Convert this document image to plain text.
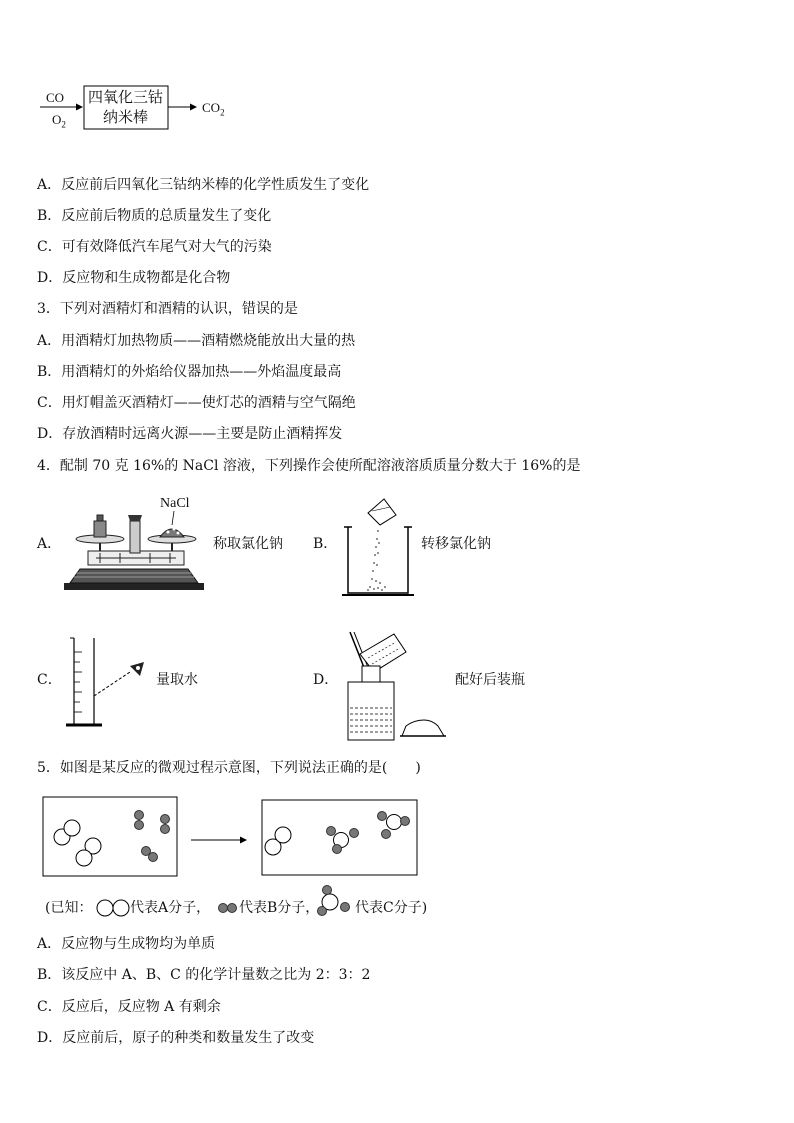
CO
$O_2$
四氧化三钴
纳米棒
$CO_2$
A．反应前后四氧化三钴纳米棒的化学性质发生了变化
B．反应前后物质的总质量发生了变化
C．可有效降低汽车尾气对大气的污染
D．反应物和生成物都是化合物
3．下列对酒精灯和酒精的认识，错误的是
A．用酒精灯加热物质——酒精燃烧能放出大量的热
B．用酒精灯的外焰给仪器加热——外焰温度最高
C．用灯帽盖灭酒精灯——使灯芯的酒精与空气隔绝
D．存放酒精时远离火源——主要是防止酒精挥发
4．配制 70 克 16%的 NaCl 溶液，下列操作会使所配溶液溶质质量分数大于 16%的是
A．
NaCl
称取氯化钠 B．	转移氯化钠
C．	量取水	D．	配好后装瓶
5．如图是某反应的微观过程示意图，下列说法正确的是(　　)
(已知：	代表A分子， 代表B分子，	代表C分子)
A．反应物与生成物均为单质
B．该反应中 A、B、C 的化学计量数之比为 2：3：2
C．反应后，反应物 A 有剩余
D．反应前后，原子的种类和数量发生了改变
